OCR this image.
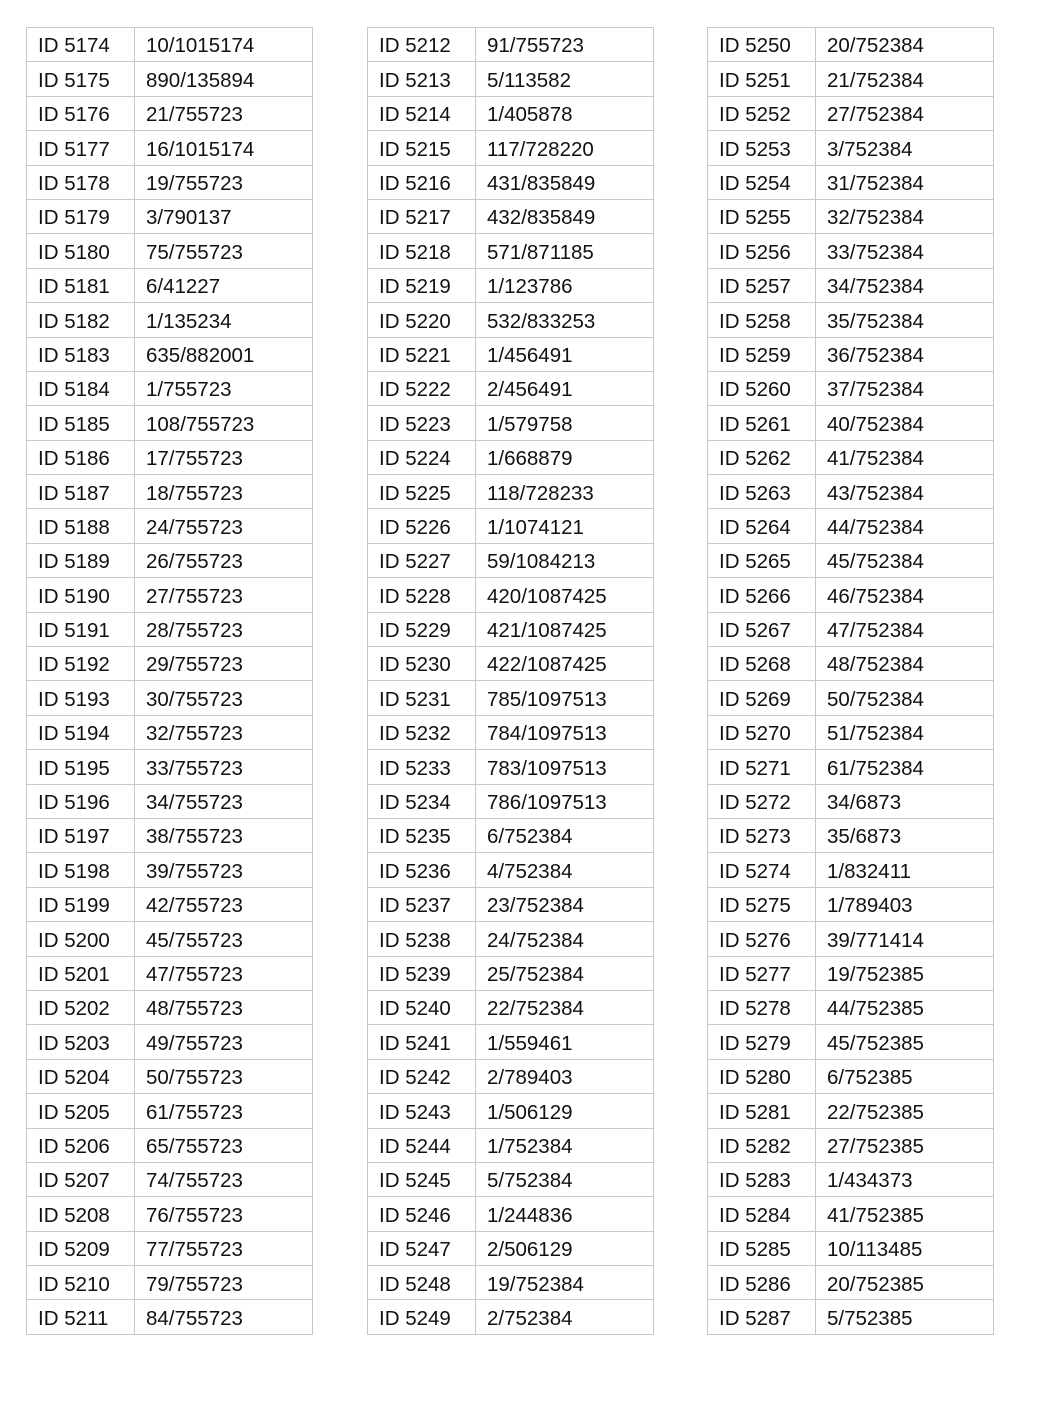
ID 5174	10/1015174
ID 5175	890/135894
ID 5176	21/755723
ID 5177	16/1015174
ID 5178	19/755723
ID 5179	3/790137
ID 5180	75/755723
ID 5181	6/41227
ID 5182	1/135234
ID 5183	635/882001
ID 5184	1/755723
ID 5185	108/755723
ID 5186	17/755723
ID 5187	18/755723
ID 5188	24/755723
ID 5189	26/755723
ID 5190	27/755723
ID 5191	28/755723
ID 5192	29/755723
ID 5193	30/755723
ID 5194	32/755723
ID 5195	33/755723
ID 5196	34/755723
ID 5197	38/755723
ID 5198	39/755723
ID 5199	42/755723
ID 5200	45/755723
ID 5201	47/755723
ID 5202	48/755723
ID 5203	49/755723
ID 5204	50/755723
ID 5205	61/755723
ID 5206	65/755723
ID 5207	74/755723
ID 5208	76/755723
ID 5209	77/755723
ID 5210	79/755723
ID 5211	84/755723
ID 5212	91/755723
ID 5213	5/113582
ID 5214	1/405878
ID 5215	117/728220
ID 5216	431/835849
ID 5217	432/835849
ID 5218	571/871185
ID 5219	1/123786
ID 5220	532/833253
ID 5221	1/456491
ID 5222	2/456491
ID 5223	1/579758
ID 5224	1/668879
ID 5225	118/728233
ID 5226	1/1074121
ID 5227	59/1084213
ID 5228	420/1087425
ID 5229	421/1087425
ID 5230	422/1087425
ID 5231	785/1097513
ID 5232	784/1097513
ID 5233	783/1097513
ID 5234	786/1097513
ID 5235	6/752384
ID 5236	4/752384
ID 5237	23/752384
ID 5238	24/752384
ID 5239	25/752384
ID 5240	22/752384
ID 5241	1/559461
ID 5242	2/789403
ID 5243	1/506129
ID 5244	1/752384
ID 5245	5/752384
ID 5246	1/244836
ID 5247	2/506129
ID 5248	19/752384
ID 5249	2/752384
ID 5250	20/752384
ID 5251	21/752384
ID 5252	27/752384
ID 5253	3/752384
ID 5254	31/752384
ID 5255	32/752384
ID 5256	33/752384
ID 5257	34/752384
ID 5258	35/752384
ID 5259	36/752384
ID 5260	37/752384
ID 5261	40/752384
ID 5262	41/752384
ID 5263	43/752384
ID 5264	44/752384
ID 5265	45/752384
ID 5266	46/752384
ID 5267	47/752384
ID 5268	48/752384
ID 5269	50/752384
ID 5270	51/752384
ID 5271	61/752384
ID 5272	34/6873
ID 5273	35/6873
ID 5274	1/832411
ID 5275	1/789403
ID 5276	39/771414
ID 5277	19/752385
ID 5278	44/752385
ID 5279	45/752385
ID 5280	6/752385
ID 5281	22/752385
ID 5282	27/752385
ID 5283	1/434373
ID 5284	41/752385
ID 5285	10/113485
ID 5286	20/752385
ID 5287	5/752385
